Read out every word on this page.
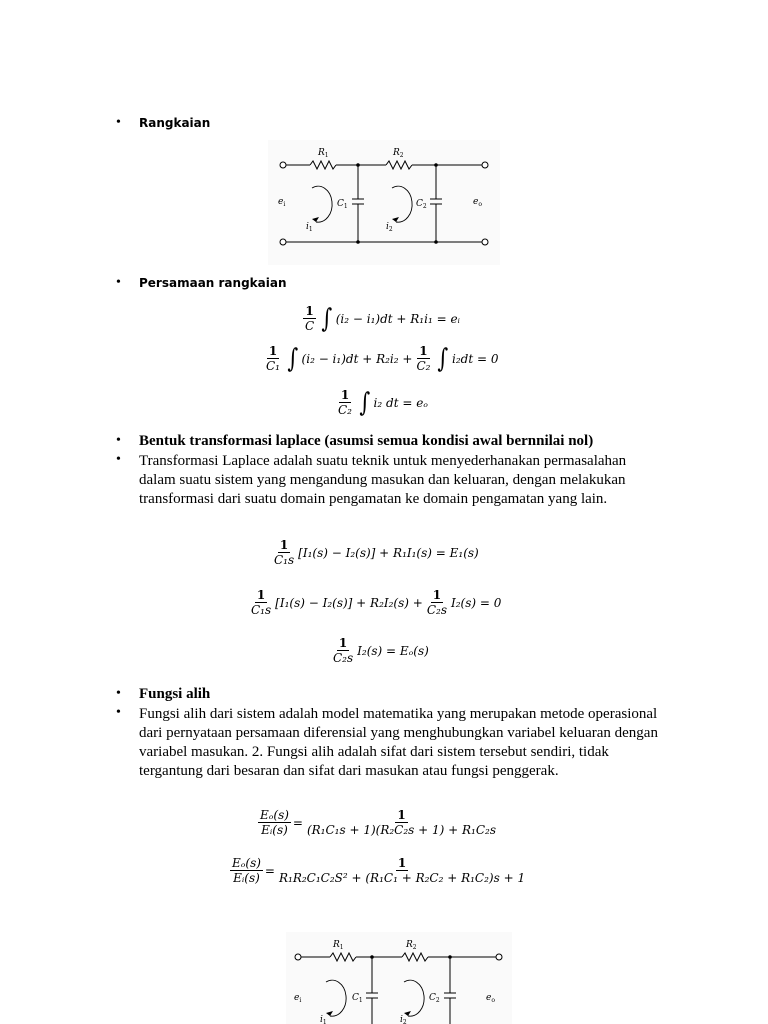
• Rangkaian
$R_1$	$R_2$
$C_1$	$C_2$
$e_i$	$e_o$
$i_1$	$i_2$
• Persamaan rangkaian
$\frac{1}{C}$ ∫ (i₂ − i₁)dt + R₁i₁ = eᵢ
$\frac{1}{\text{C₁}}$ ∫ $(i_2 - i_1)dt + R_2i_2 + \frac{1}{\text{C₂}}$ ∫ i₂dt = 0
$\frac{1}{\text{C₂}}$ ∫ i₂ dt = eₒ
• Bentuk transformasi laplace (asumsi semua kondisi awal bernnilai nol)
• Transformasi Laplace adalah suatu teknik untuk menyederhanakan permasalahan
dalam suatu sistem yang mengandung masukan dan keluaran, dengan melakukan
transformasi dari suatu domain pengamatan ke domain pengamatan yang lain.
$\frac{1}{\text{C₁s}} [I_1(s) - I_2(s)] + R_1I_1(s) = E_1(s)$
$\frac{1}{\text{C₁s}} [I_1(s) - I_2(s)] + R_2I_2(s) + \frac{1}{\text{C₂s}} I_2(s) = 0$
$\frac{1}{\text{C₂s}} I_2(s) = E_o(s)$
• Fungsi alih
• Fungsi alih dari sistem adalah model matematika yang merupakan metode operasional
dari pernyataan persamaan diferensial yang menghubungkan variabel keluaran dengan
variabel masukan. 2. Fungsi alih adalah sifat dari sistem tersebut sendiri, tidak
tergantung dari besaran dan sifat dari masukan atau fungsi penggerak.
$\frac{\text{Eₒ(s)}}{\text{Eᵢ(s)}} = \frac{1}{\text{(R₁C₁s + 1)(R₂C₂s + 1) + R₁C₂s}}$
$\frac{\text{Eₒ(s)}}{\text{Eᵢ(s)}} = \frac{1}{\text{R₁R₂C₁C₂S² + (R₁C₁ + R₂C₂ + R₁C₂)s + 1}}$
$R_1$	$R_2$
$C_1$	$C_2$
$e_i$	$e_o$
$i_1$	$i_2$
